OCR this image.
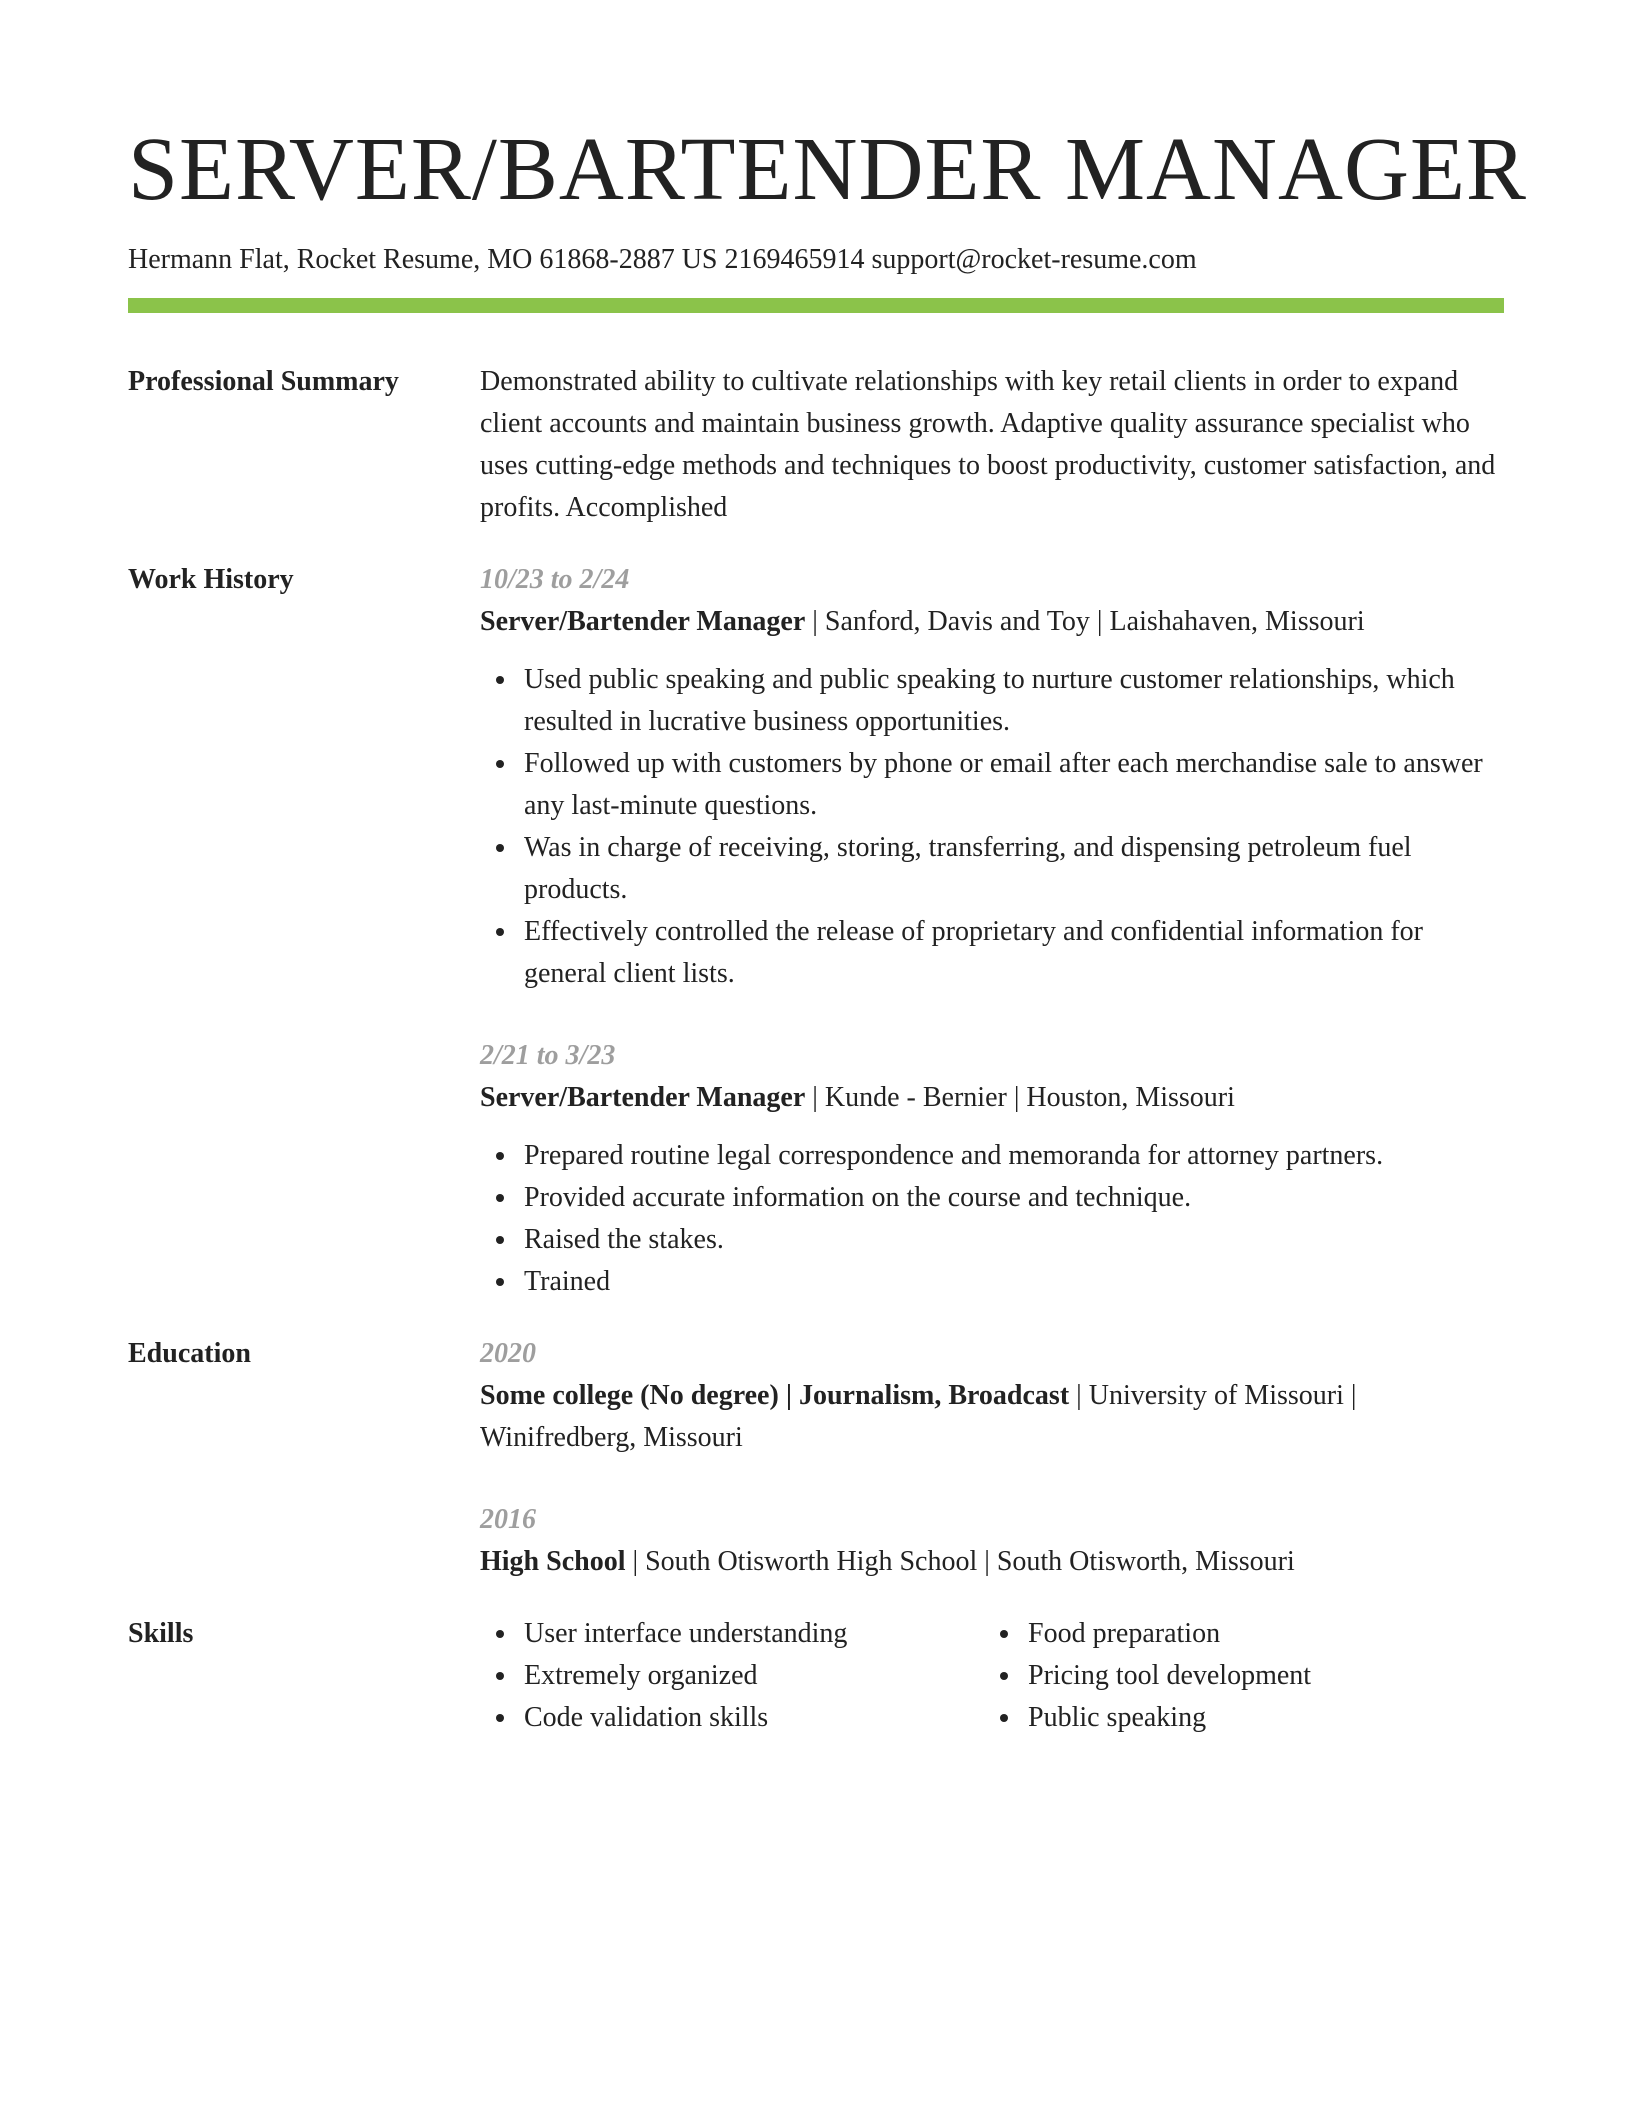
SERVER/BARTENDER MANAGER
Hermann Flat, Rocket Resume, MO 61868-2887 US 2169465914 support@rocket-resume.com
Professional Summary	Demonstrated ability to cultivate relationships with key retail clients in order to expand client accounts and maintain business growth. Adaptive quality assurance specialist who uses cutting-edge methods and techniques to boost productivity, customer satisfaction, and profits. Accomplished
Work History	10/23 to 2/24
Server/Bartender Manager | Sanford, Davis and Toy | Laishahaven, Missouri
Used public speaking and public speaking to nurture customer relationships, which resulted in lucrative business opportunities.
Followed up with customers by phone or email after each merchandise sale to answer any last-minute questions.
Was in charge of receiving, storing, transferring, and dispensing petroleum fuel products.
Effectively controlled the release of proprietary and confidential information for general client lists.
2/21 to 3/23
Server/Bartender Manager | Kunde - Bernier | Houston, Missouri
Prepared routine legal correspondence and memoranda for attorney partners.
Provided accurate information on the course and technique.
Raised the stakes.
Trained
Education	2020
Some college (No degree) | Journalism, Broadcast | University of Missouri | Winifredberg, Missouri
2016
High School | South Otisworth High School | South Otisworth, Missouri
Skills	User interface understanding
Extremely organized
Code validation skills
Food preparation
Pricing tool development
Public speaking
